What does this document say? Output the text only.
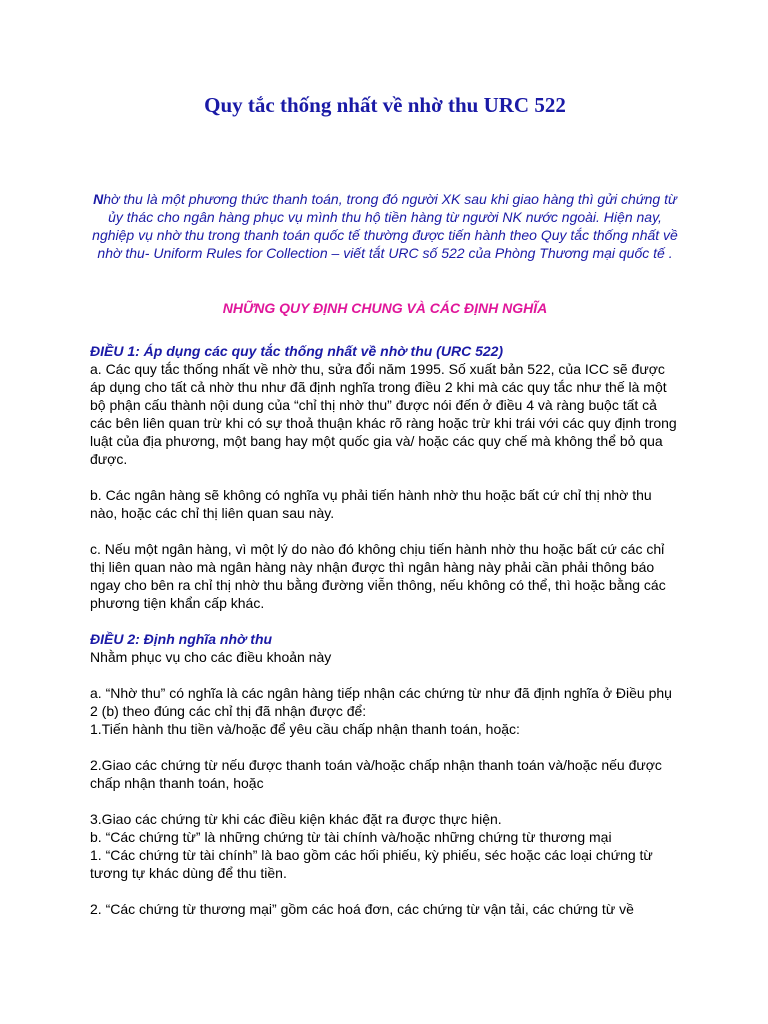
Quy tắc thống nhất về nhờ thu URC 522

Nhờ thu là một phương thức thanh toán, trong đó người XK sau khi giao hàng thì gửi chứng từ ủy thác cho ngân hàng phục vụ mình thu hộ tiền hàng từ người NK nước ngoài. Hiện nay, nghiệp vụ nhờ thu trong thanh toán quốc tế thường được tiến hành theo Quy tắc thống nhất về nhờ thu- Uniform Rules for Collection – viết tắt URC số 522 của Phòng Thương mại quốc tế .

NHỮNG QUY ĐỊNH CHUNG VÀ CÁC ĐỊNH NGHĨA

ĐIỀU 1: Áp dụng các quy tắc thống nhất về nhờ thu (URC 522)

a. Các quy tắc thống nhất về nhờ thu, sửa đổi năm 1995. Số xuất bản 522, của ICC sẽ được áp dụng cho tất cả nhờ thu như đã định nghĩa trong điều 2 khi mà các quy tắc như thế là một bộ phận cấu thành nội dung của “chỉ thị nhờ thu” được nói đến ở điều 4 và ràng buộc tất cả các bên liên quan trừ khi có sự thoả thuận khác rõ ràng hoặc trừ khi trái với các quy định trong luật của địa phương, một bang hay một quốc gia và/ hoặc các quy chế mà không thể bỏ qua được.

b. Các ngân hàng sẽ không có nghĩa vụ phải tiến hành nhờ thu hoặc bất cứ chỉ thị nhờ thu nào, hoặc các chỉ thị liên quan sau này.

c. Nếu một ngân hàng, vì một lý do nào đó không chịu tiến hành nhờ thu hoặc bất cứ các chỉ thị liên quan nào mà ngân hàng này nhận được thì ngân hàng này phải cần phải thông báo ngay cho bên ra chỉ thị nhờ thu bằng đường viễn thông, nếu không có thể, thì hoặc bằng các phương tiện khẩn cấp khác.

ĐIỀU 2: Định nghĩa nhờ thu

Nhằm phục vụ cho các điều khoản này

a. “Nhờ thu” có nghĩa là các ngân hàng tiếp nhận các chứng từ như đã định nghĩa ở Điều phụ 2 (b) theo đúng các chỉ thị đã nhận được để:

1.Tiến hành thu tiền và/hoặc để yêu cầu chấp nhận thanh toán, hoặc:

2.Giao các chứng từ nếu được thanh toán và/hoặc chấp nhận thanh toán và/hoặc nếu được chấp nhận thanh toán, hoặc

3.Giao các chứng từ khi các điều kiện khác đặt ra được thực hiện.

b. “Các chứng từ” là những chứng từ tài chính và/hoặc những chứng từ thương mại

1. “Các chứng từ tài chính” là bao gồm các hối phiếu, kỳ phiếu, séc hoặc các loại chứng từ tương tự khác dùng để thu tiền.

2. “Các chứng từ thương mại” gồm các hoá đơn, các chứng từ vận tải, các chứng từ về
